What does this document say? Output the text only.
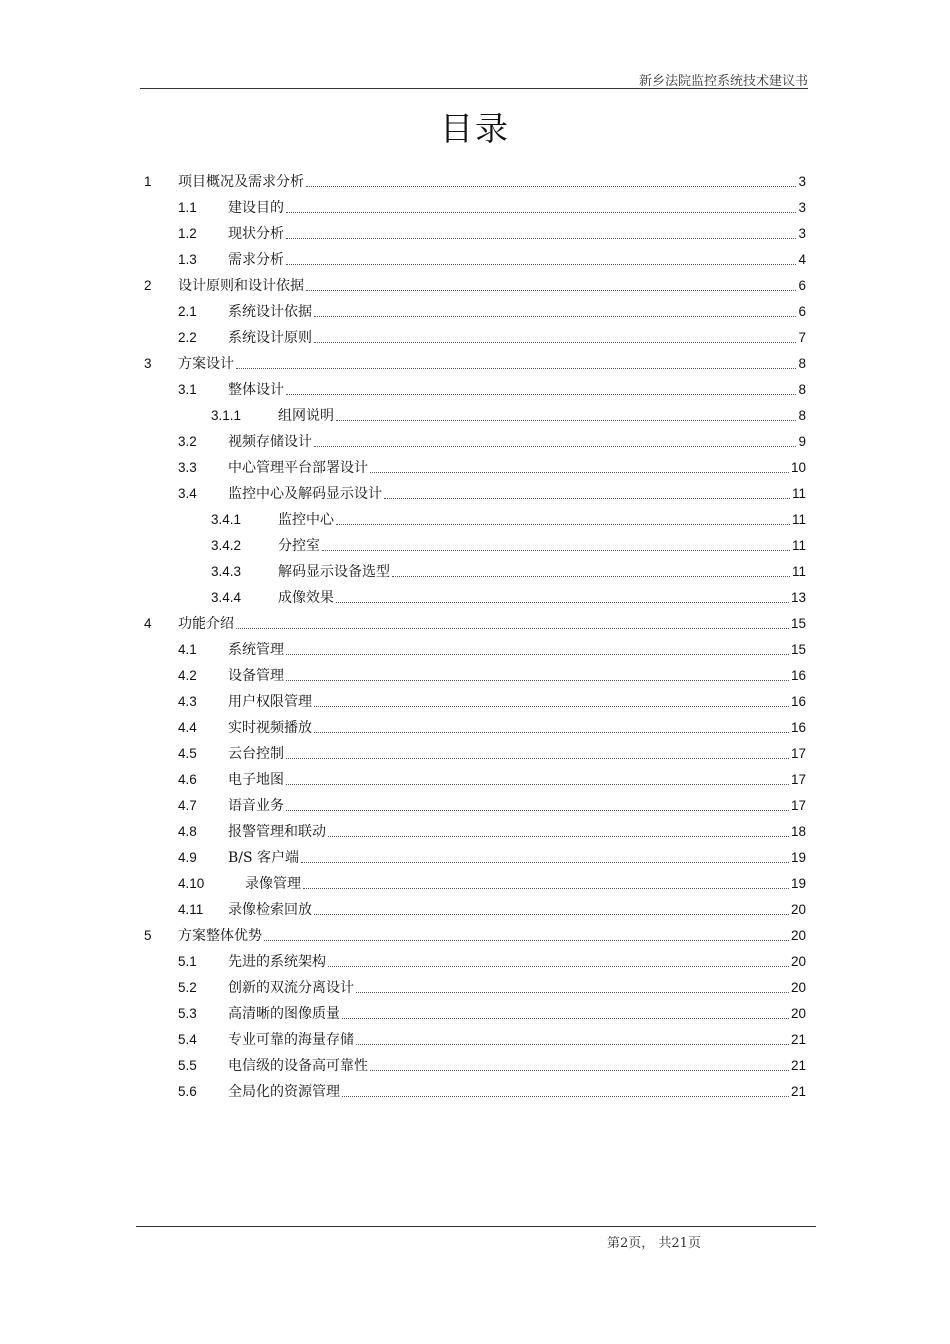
新乡法院监控系统技术建议书
目录
1	项目概况及需求分析	3
1.1	建设目的	3
1.2	现状分析	3
1.3	需求分析	4
2	设计原则和设计依据	6
2.1	系统设计依据	6
2.2	系统设计原则	7
3	方案设计	8
3.1	整体设计	8
3.1.1	组网说明	8
3.2	视频存储设计	9
3.3	中心管理平台部署设计	10
3.4	监控中心及解码显示设计	11
3.4.1	监控中心	11
3.4.2	分控室	11
3.4.3	解码显示设备选型	11
3.4.4	成像效果	13
4	功能介绍	15
4.1	系统管理	15
4.2	设备管理	16
4.3	用户权限管理	16
4.4	实时视频播放	16
4.5	云台控制	17
4.6	电子地图	17
4.7	语音业务	17
4.8	报警管理和联动	18
4.9	B/S 客户端	19
4.10	录像管理	19
4.11	录像检索回放	20
5	方案整体优势	20
5.1	先进的系统架构	20
5.2	创新的双流分离设计	20
5.3	高清晰的图像质量	20
5.4	专业可靠的海量存储	21
5.5	电信级的设备高可靠性	21
5.6	全局化的资源管理	21
第2页， 共21页
